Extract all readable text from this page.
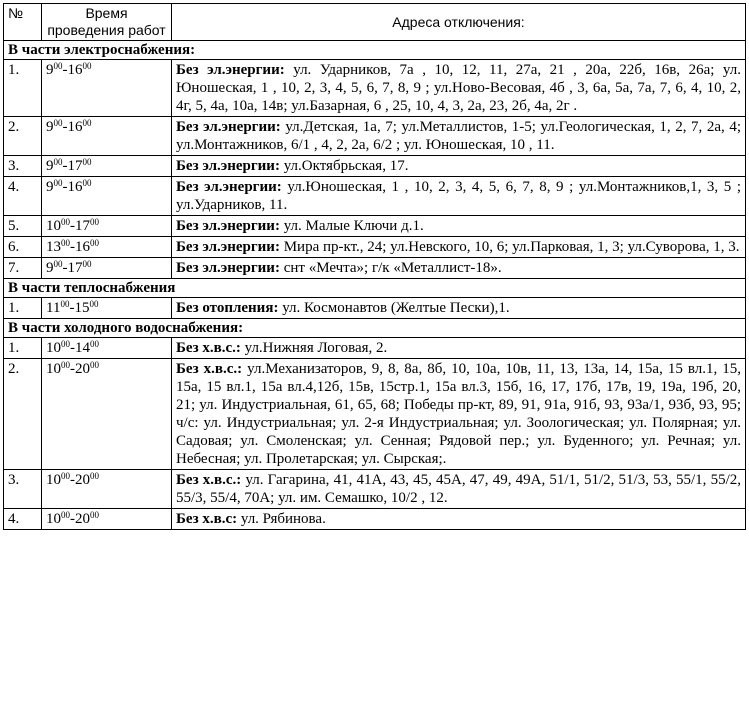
№	Время проведения работ	Адреса отключения:
В части электроснабжения:		
1.	$9^{00}-16^{00}$	Без эл.энергии: ул. Ударников, 7а , 10, 12, 11, 27а, 21 , 20а, 22б, 16в, 26а; ул. Юношеская, 1 , 10, 2, 3, 4, 5, 6, 7, 8, 9 ; ул.Ново-Весовая, 4б , 3, 6а, 5а, 7а, 7, 6, 4, 10, 2, 4г, 5, 4а, 10а, 14в; ул.Базарная, 6 , 25, 10, 4, 3, 2а, 23, 2б, 4а, 2г .
2.	$9^{00}-16^{00}$	Без эл.энергии: ул.Детская, 1а, 7; ул.Металлистов, 1-5; ул.Геологическая, 1, 2, 7, 2а, 4; ул.Монтажников, 6/1 , 4, 2, 2а, 6/2 ; ул. Юношеская, 10 , 11.
3.	$9^{00}-17^{00}$	Без эл.энергии: ул.Октябрьская, 17.
4.	$9^{00}-16^{00}$	Без эл.энергии: ул.Юношеская, 1 , 10, 2, 3, 4, 5, 6, 7, 8, 9 ; ул.Монтажников,1, 3, 5 ; ул.Ударников, 11.
5.	$10^{00}-17^{00}$	Без эл.энергии: ул. Малые Ключи д.1.
6.	$13^{00}-16^{00}$	Без эл.энергии: Мира пр-кт., 24; ул.Невского, 10, 6; ул.Парковая, 1, 3; ул.Суворова, 1, 3.
7.	$9^{00}-17^{00}$	Без эл.энергии: снт «Мечта»; г/к «Металлист-18».
В части теплоснабжения		
1.	$11^{00}-15^{00}$	Без отопления: ул. Космонавтов (Желтые Пески),1.
В части холодного водоснабжения:		
1.	$10^{00}-14^{00}$	Без х.в.с.: ул.Нижняя Логовая, 2.
2.	$10^{00}-20^{00}$	Без х.в.с.: ул.Механизаторов, 9, 8, 8а, 8б, 10, 10а, 10в, 11, 13, 13а, 14, 15а, 15 вл.1, 15, 15а, 15 вл.1, 15а вл.4,12б, 15в, 15стр.1, 15а вл.3, 15б, 16, 17, 17б, 17в, 19, 19а, 19б, 20, 21; ул. Индустриальная, 61, 65, 68; Победы пр-кт, 89, 91, 91а, 91б, 93, 93а/1, 93б, 93, 95; ч/с: ул. Индустриальная; ул. 2-я Индустриальная; ул. Зоологическая; ул. Полярная; ул. Садовая; ул. Смоленская; ул. Сенная; Рядовой пер.; ул. Буденного; ул. Речная; ул. Небесная; ул. Пролетарская; ул. Сырская;.
3.	$10^{00}-20^{00}$	Без х.в.с.: ул. Гагарина, 41, 41А, 43, 45, 45А, 47, 49, 49А, 51/1, 51/2, 51/3, 53, 55/1, 55/2, 55/3, 55/4, 70А; ул. им. Семашко, 10/2 , 12.
4.	$10^{00}-20^{00}$	Без х.в.с: ул. Рябинова.
